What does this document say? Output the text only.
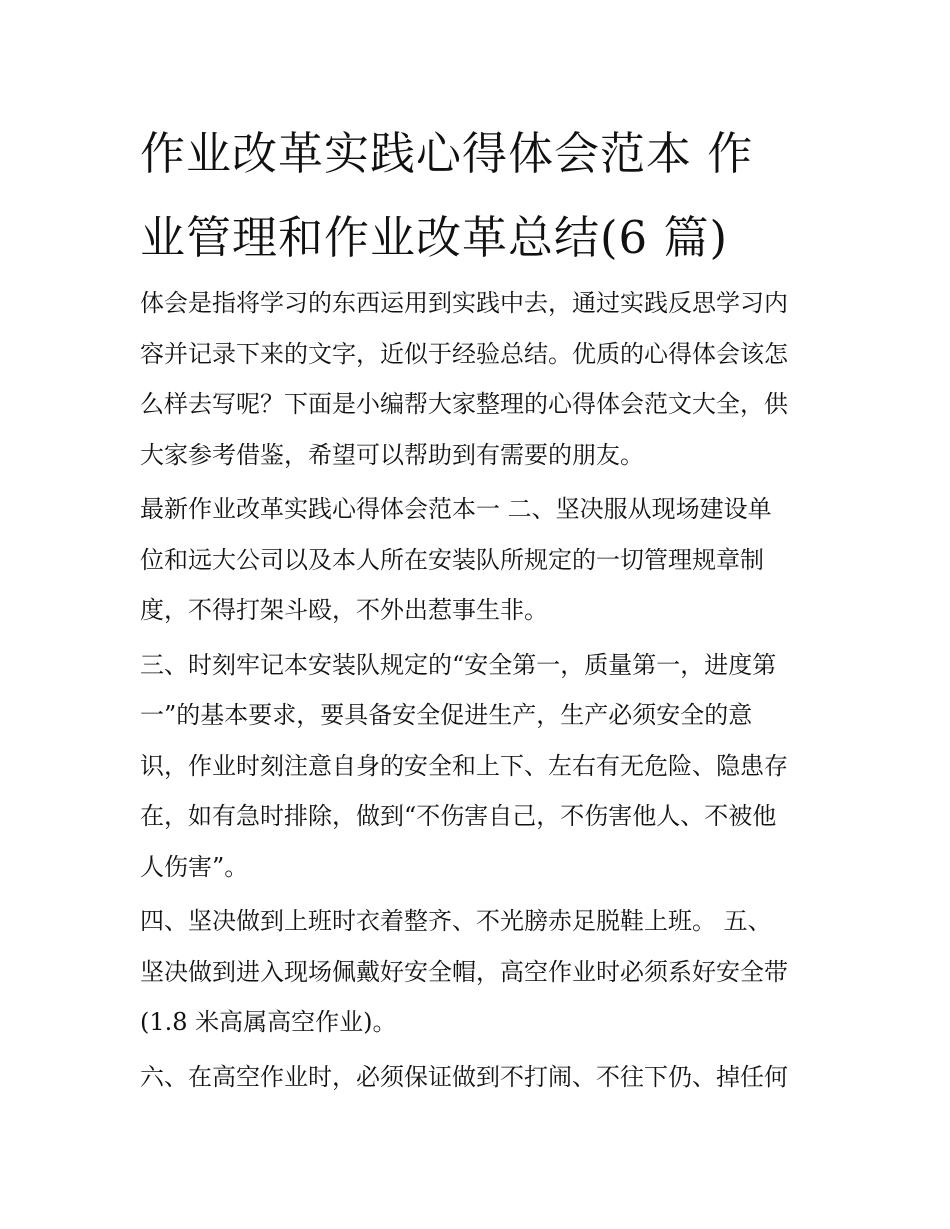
作业改革实践心得体会范本 作
业管理和作业改革总结(6 篇)

体会是指将学习的东西运用到实践中去，通过实践反思学习内
容并记录下来的文字，近似于经验总结。优质的心得体会该怎
么样去写呢？下面是小编帮大家整理的心得体会范文大全，供
大家参考借鉴，希望可以帮助到有需要的朋友。

最新作业改革实践心得体会范本一 二、坚决服从现场建设单
位和远大公司以及本人所在安装队所规定的一切管理规章制
度，不得打架斗殴，不外出惹事生非。

三、时刻牢记本安装队规定的“安全第一，质量第一，进度第
一”的基本要求，要具备安全促进生产，生产必须安全的意
识，作业时刻注意自身的安全和上下、左右有无危险、隐患存
在，如有急时排除，做到“不伤害自己，不伤害他人、不被他
人伤害”。

四、坚决做到上班时衣着整齐、不光膀赤足脱鞋上班。 五、
坚决做到进入现场佩戴好安全帽，高空作业时必须系好安全带
(1.8 米高属高空作业)。

六、在高空作业时，必须保证做到不打闹、不往下仍、掉任何
